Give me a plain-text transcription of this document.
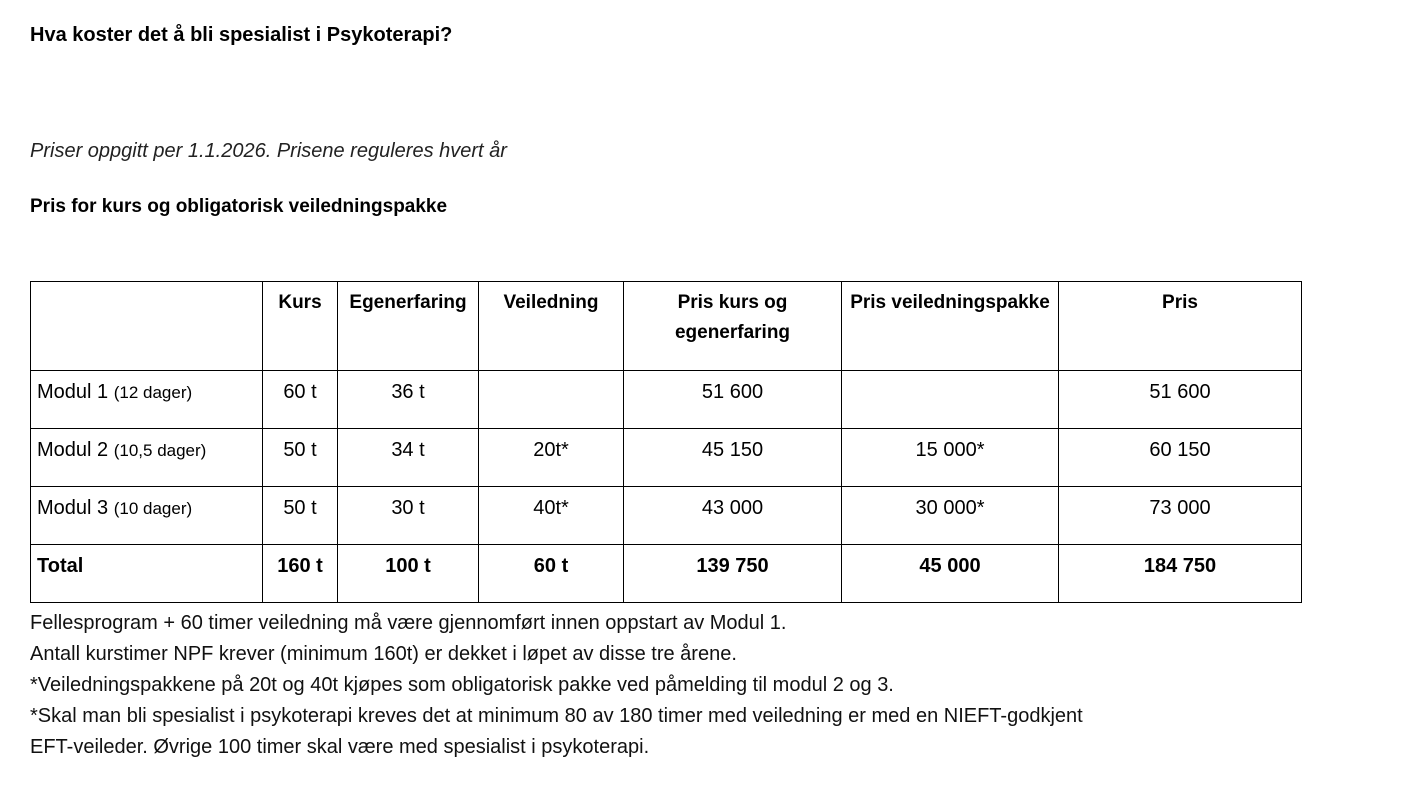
Hva koster det å bli spesialist i Psykoterapi?

Priser oppgitt per 1.1.2026. Prisene reguleres hvert år

Pris for kurs og obligatorisk veiledningspakke
	Kurs	Egenerfaring	Veiledning	Pris kurs og egenerfaring	Pris veiledningspakke	Pris
Modul 1 (12 dager)	60 t	36 t		51 600		51 600
Modul 2 (10,5 dager)	50 t	34 t	20t*	45 150	15 000*	60 150
Modul 3 (10 dager)	50 t	30 t	40t*	43 000	30 000*	73 000
Total	160 t	100 t	60 t	139 750	45 000	184 750

Fellesprogram + 60 timer veiledning må være gjennomført innen oppstart av Modul 1.

Antall kurstimer NPF krever (minimum 160t) er dekket i løpet av disse tre årene.

*Veiledningspakkene på 20t og 40t kjøpes som obligatorisk pakke ved påmelding til modul 2 og 3.

*Skal man bli spesialist i psykoterapi kreves det at minimum 80 av 180 timer med veiledning er med en NIEFT-godkjent

EFT-veileder. Øvrige 100 timer skal være med spesialist i psykoterapi.
